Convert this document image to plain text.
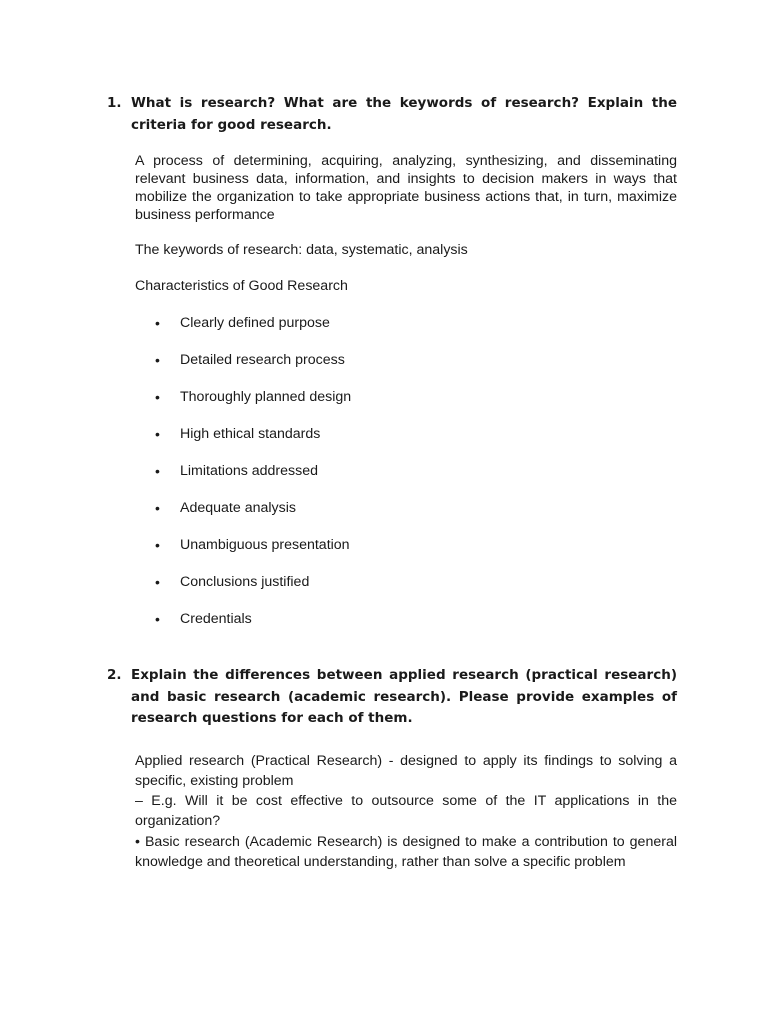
1. What is research? What are the keywords of research? Explain the criteria for good research.

A process of determining, acquiring, analyzing, synthesizing, and disseminating relevant business data, information, and insights to decision makers in ways that mobilize the organization to take appropriate business actions that, in turn, maximize business performance

The keywords of research: data, systematic, analysis

Characteristics of Good Research

• Clearly defined purpose
• Detailed research process
• Thoroughly planned design
• High ethical standards
• Limitations addressed
• Adequate analysis
• Unambiguous presentation
• Conclusions justified
• Credentials
2. Explain the differences between applied research (practical research) and basic research (academic research). Please provide examples of research questions for each of them.

Applied research (Practical Research) - designed to apply its findings to solving a specific, existing problem

– E.g. Will it be cost effective to outsource some of the IT applications in the organization?

• Basic research (Academic Research) is designed to make a contribution to general knowledge and theoretical understanding, rather than solve a specific problem
